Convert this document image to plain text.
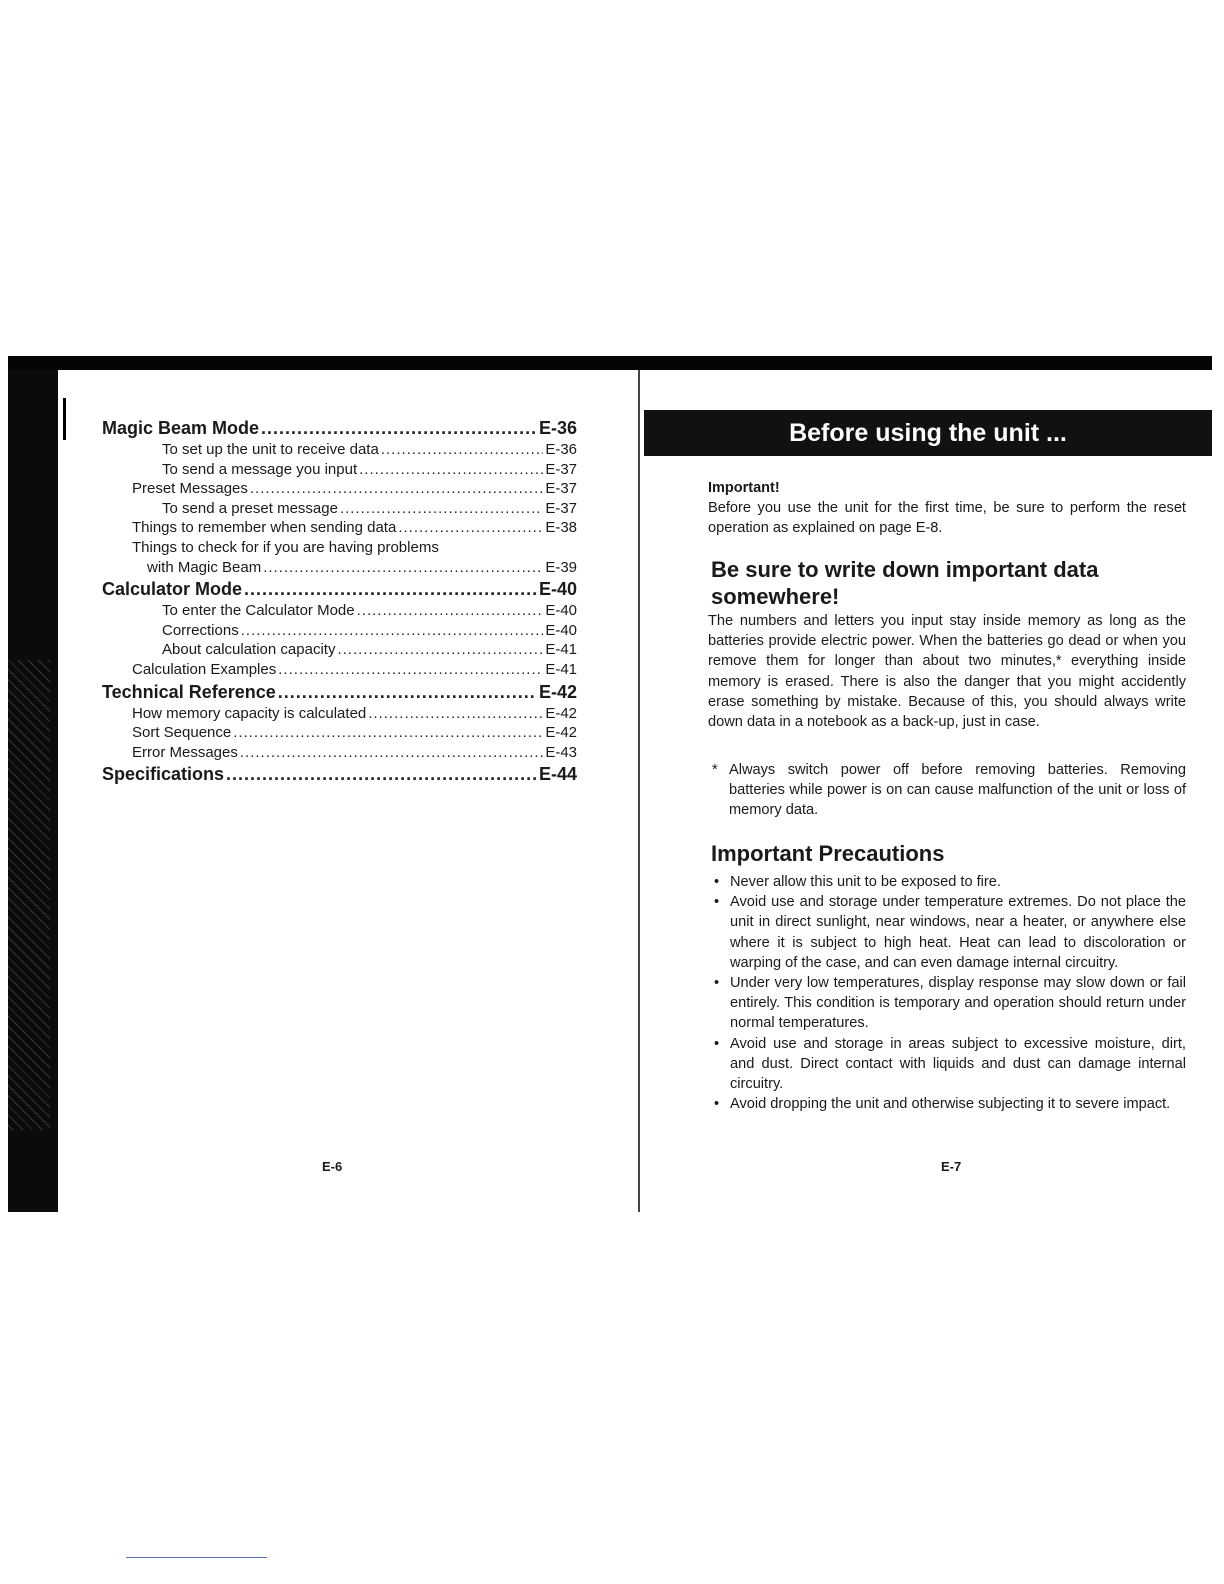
Magic Beam Mode .....	E-36
To set up the unit to receive data .....	E-36
To send a message you input .....	E-37
Preset Messages .....	E-37
To send a preset message .....	E-37
Things to remember when sending data .....	E-38
Things to check for if you are having problems
with Magic Beam .....	E-39
Calculator Mode .....	E-40
To enter the Calculator Mode .....	E-40
Corrections .....	E-40
About calculation capacity .....	E-41
Calculation Examples .....	E-41
Technical Reference .....	E-42
How memory capacity is calculated .....	E-42
Sort Sequence .....	E-42
Error Messages .....	E-43
Specifications .....	E-44
E-6
Before using the unit ...
Important!
Before you use the unit for the first time, be sure to perform the reset operation as explained on page E-8.
Be sure to write down important data somewhere!
The numbers and letters you input stay inside memory as long as the batteries provide electric power. When the batteries go dead or when you remove them for longer than about two minutes,* everything inside memory is erased. There is also the danger that you might accidently erase something by mistake. Because of this, you should always write down data in a notebook as a back-up, just in case.
* Always switch power off before removing batteries. Removing batteries while power is on can cause malfunction of the unit or loss of memory data.
Important Precautions
• Never allow this unit to be exposed to fire.
• Avoid use and storage under temperature extremes. Do not place the unit in direct sunlight, near windows, near a heater, or anywhere else where it is subject to high heat. Heat can lead to discoloration or warping of the case, and can even damage internal circuitry.
• Under very low temperatures, display response may slow down or fail entirely. This condition is temporary and operation should return under normal temperatures.
• Avoid use and storage in areas subject to excessive moisture, dirt, and dust. Direct contact with liquids and dust can damage internal circuitry.
• Avoid dropping the unit and otherwise subjecting it to severe impact.
E-7
